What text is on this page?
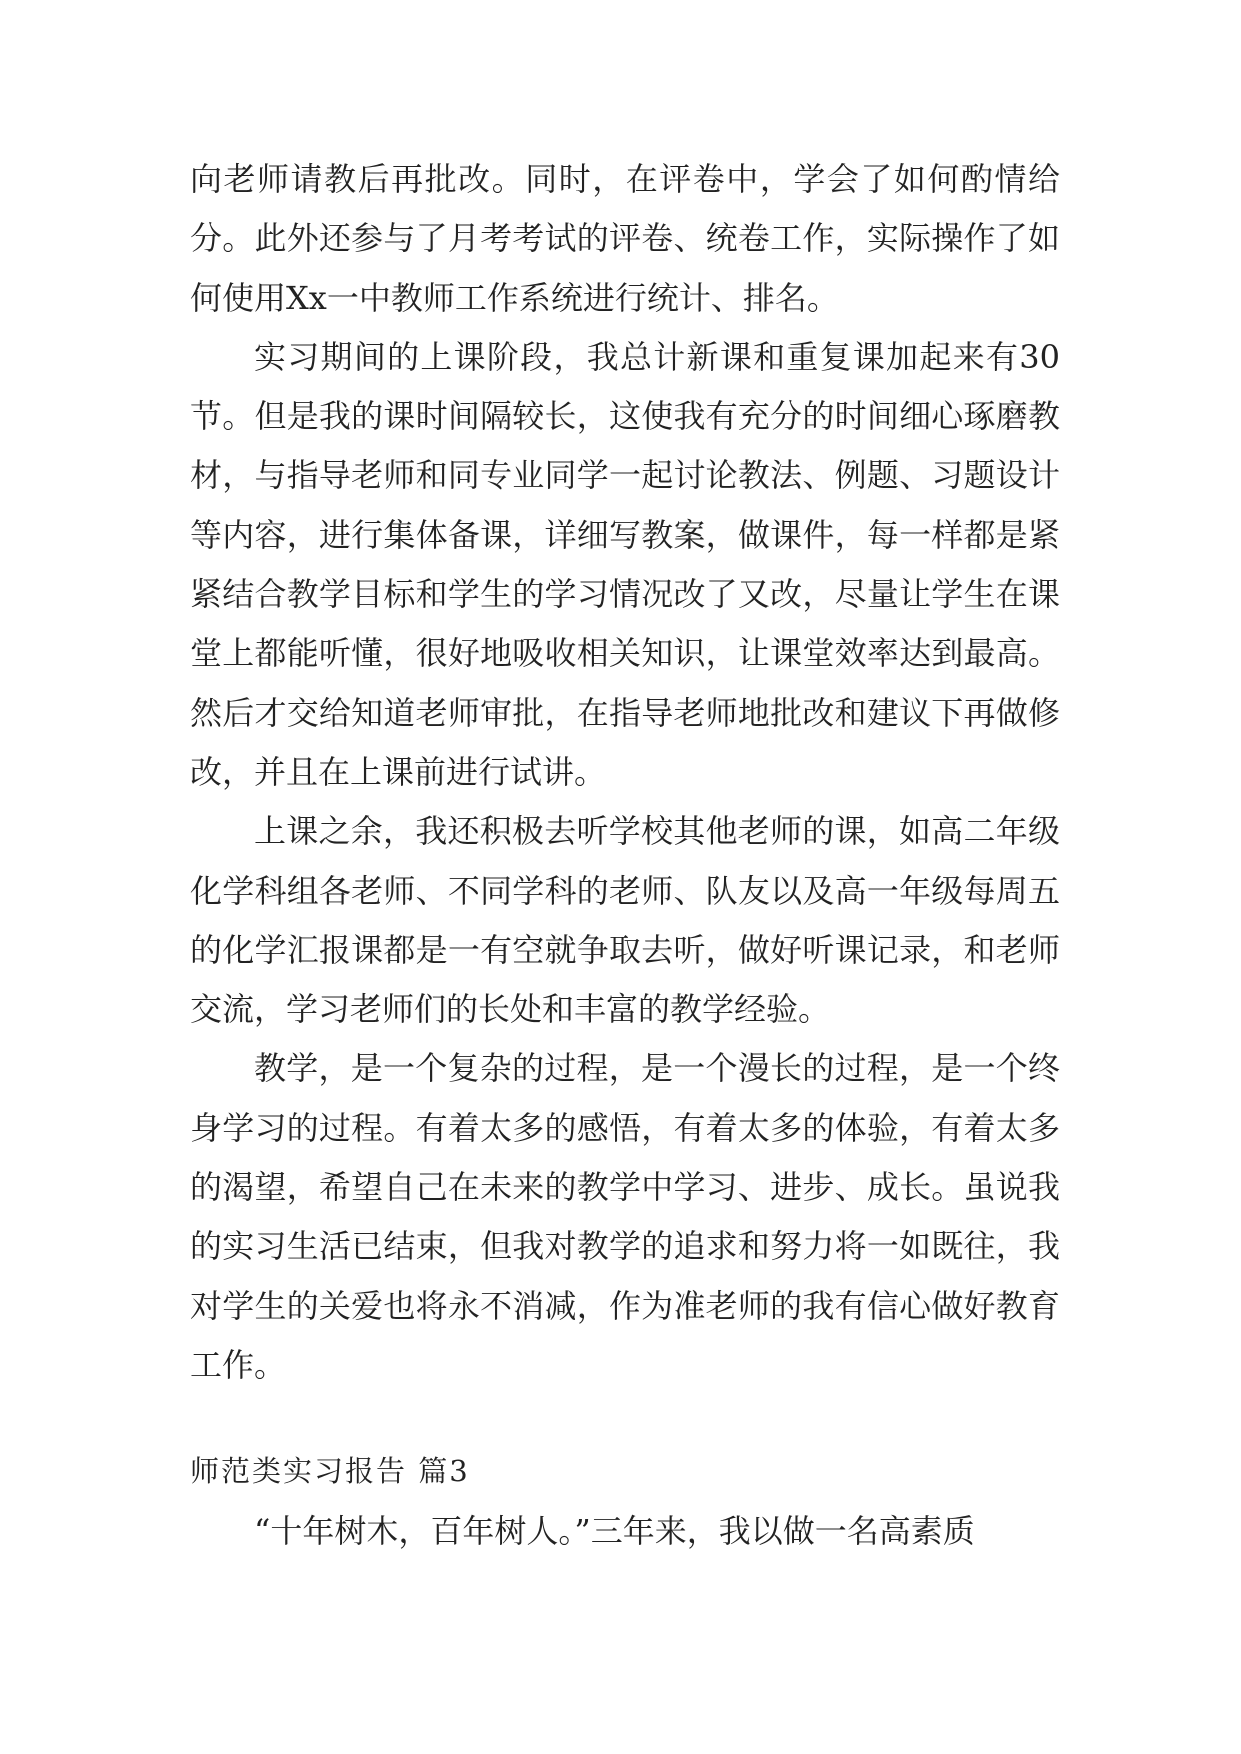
向老师请教后再批改。同时，在评卷中，学会了如何酌情给分。此外还参与了月考考试的评卷、统卷工作，实际操作了如何使用Xx一中教师工作系统进行统计、排名。

实习期间的上课阶段，我总计新课和重复课加起来有30节。但是我的课时间隔较长，这使我有充分的时间细心琢磨教材，与指导老师和同专业同学一起讨论教法、例题、习题设计等内容，进行集体备课，详细写教案，做课件，每一样都是紧紧结合教学目标和学生的学习情况改了又改，尽量让学生在课堂上都能听懂，很好地吸收相关知识，让课堂效率达到最高。然后才交给知道老师审批，在指导老师地批改和建议下再做修改，并且在上课前进行试讲。

上课之余，我还积极去听学校其他老师的课，如高二年级化学科组各老师、不同学科的老师、队友以及高一年级每周五的化学汇报课都是一有空就争取去听，做好听课记录，和老师交流，学习老师们的长处和丰富的教学经验。

教学，是一个复杂的过程，是一个漫长的过程，是一个终身学习的过程。有着太多的感悟，有着太多的体验，有着太多的渴望，希望自己在未来的教学中学习、进步、成长。虽说我的实习生活已结束，但我对教学的追求和努力将一如既往，我对学生的关爱也将永不消减，作为准老师的我有信心做好教育工作。

师范类实习报告 篇3

“十年树木，百年树人。”三年来，我以做一名高素质
